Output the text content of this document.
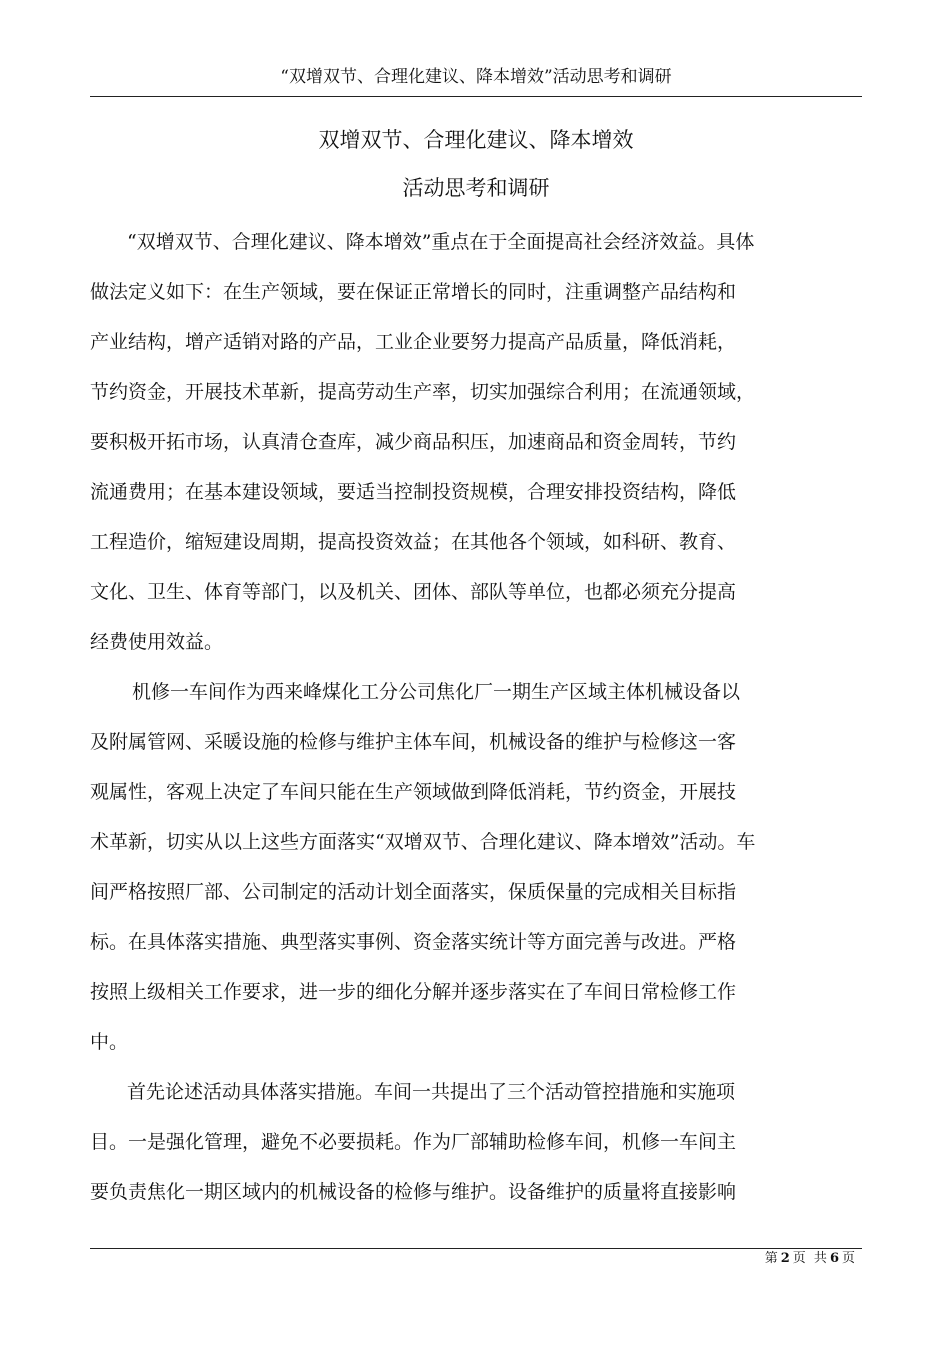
“双增双节、合理化建议、降本增效”活动思考和调研
双增双节、合理化建议、降本增效
活动思考和调研
“双增双节、合理化建议、降本增效”重点在于全面提高社会经济效益。具体
做法定义如下：在生产领域，要在保证正常增长的同时，注重调整产品结构和
产业结构，增产适销对路的产品，工业企业要努力提高产品质量，降低消耗，
节约资金，开展技术革新，提高劳动生产率，切实加强综合利用；在流通领域，
要积极开拓市场，认真清仓查库，减少商品积压，加速商品和资金周转，节约
流通费用；在基本建设领域，要适当控制投资规模，合理安排投资结构，降低
工程造价，缩短建设周期，提高投资效益；在其他各个领域，如科研、教育、
文化、卫生、体育等部门，以及机关、团体、部队等单位，也都必须充分提高
经费使用效益。
机修一车间作为西来峰煤化工分公司焦化厂一期生产区域主体机械设备以
及附属管网、采暖设施的检修与维护主体车间，机械设备的维护与检修这一客
观属性，客观上决定了车间只能在生产领域做到降低消耗，节约资金，开展技
术革新，切实从以上这些方面落实“双增双节、合理化建议、降本增效”活动。车
间严格按照厂部、公司制定的活动计划全面落实，保质保量的完成相关目标指
标。在具体落实措施、典型落实事例、资金落实统计等方面完善与改进。严格
按照上级相关工作要求，进一步的细化分解并逐步落实在了车间日常检修工作
中。
首先论述活动具体落实措施。车间一共提出了三个活动管控措施和实施项
目。一是强化管理，避免不必要损耗。作为厂部辅助检修车间，机修一车间主
要负责焦化一期区域内的机械设备的检修与维护。设备维护的质量将直接影响
第 2 页 共 6 页
